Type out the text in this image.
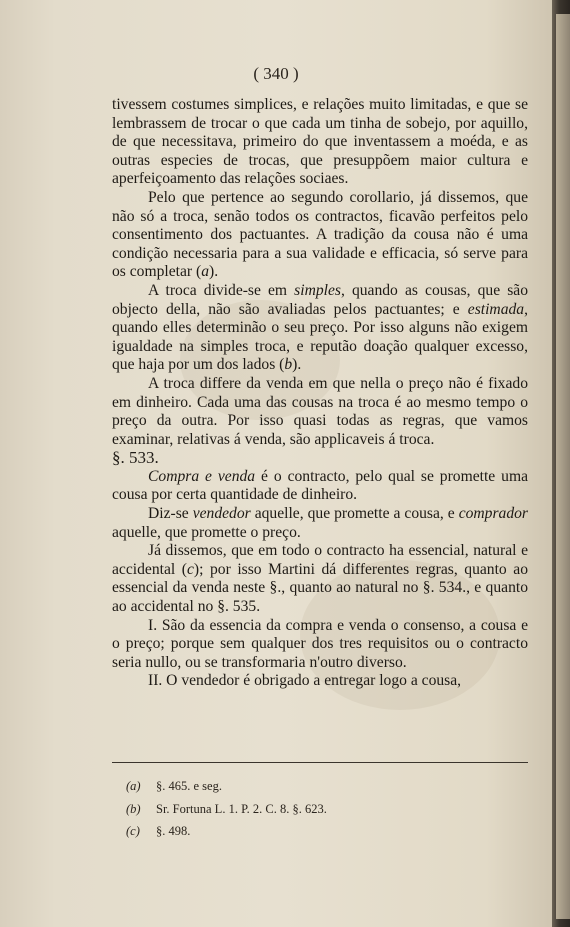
( 340 )

tivessem costumes simplices, e relações muito limitadas, e que se lembrassem de trocar o que cada um tinha de sobejo, por aquillo, de que necessitava, primeiro do que inventassem a moéda, e as outras especies de trocas, que presuppõem maior cultura e aperfeiçoamento das relações sociaes.

Pelo que pertence ao segundo corollario, já dissemos, que não só a troca, senão todos os contractos, ficavão perfeitos pelo consentimento dos pactuantes. A tradição da cousa não é uma condição necessaria para a sua validade e efficacia, só serve para os completar (a).

A troca divide-se em simples, quando as cousas, que são objecto della, não são avaliadas pelos pactuantes; e estimada, quando elles determinão o seu preço. Por isso alguns não exigem igualdade na simples troca, e reputão doação qualquer excesso, que haja por um dos lados (b).

A troca differe da venda em que nella o preço não é fixado em dinheiro. Cada uma das cousas na troca é ao mesmo tempo o preço da outra. Por isso quasi todas as regras, que vamos examinar, relativas á venda, são applicaveis á troca.

§. 533.

Compra e venda é o contracto, pelo qual se promette uma cousa por certa quantidade de dinheiro.

Diz-se vendedor aquelle, que promette a cousa, e comprador aquelle, que promette o preço.

Já dissemos, que em todo o contracto ha essencial, natural e accidental (c); por isso Martini dá differentes regras, quanto ao essencial da venda neste §., quanto ao natural no §. 534., e quanto ao accidental no §. 535.

I. São da essencia da compra e venda o consenso, a cousa e o preço; porque sem qualquer dos tres requisitos ou o contracto seria nullo, ou se transformaria n'outro diverso.

II. O vendedor é obrigado a entregar logo a cousa,

(a) §. 465. e seg.
(b) Sr. Fortuna L. 1. P. 2. C. 8. §. 623.
(c) §. 498.
